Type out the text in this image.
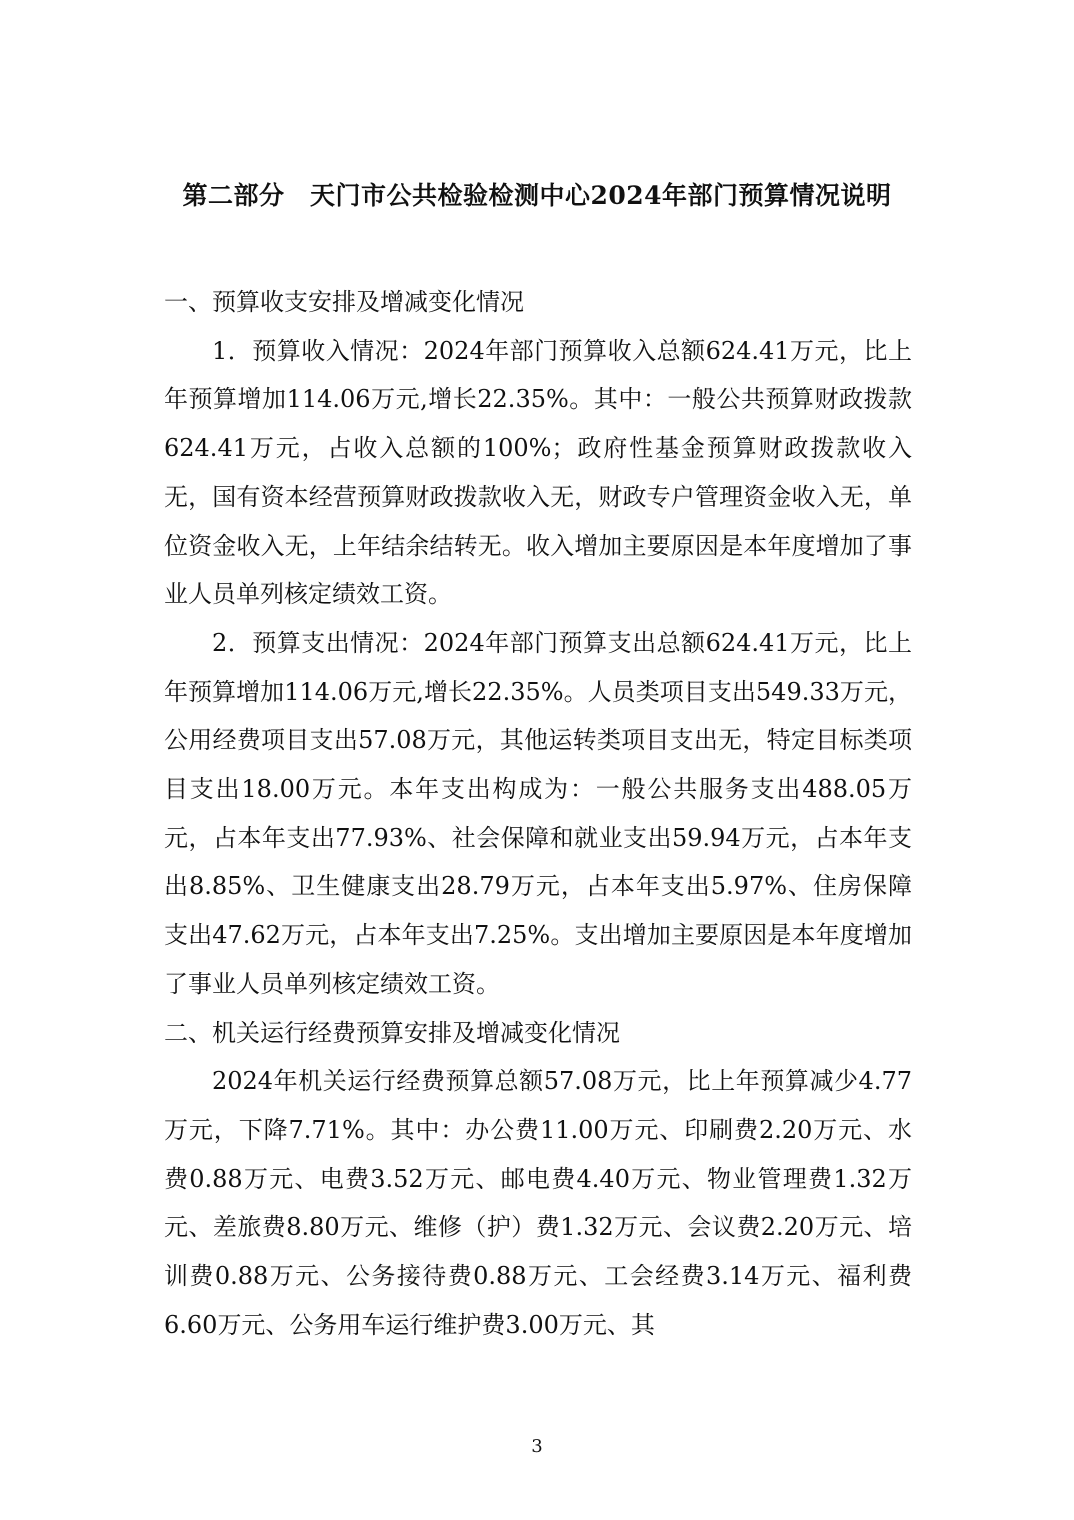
第二部分　天门市公共检验检测中心2024年部门预算情况说明

一、预算收支安排及增减变化情况

1．预算收入情况：2024年部门预算收入总额624.41万元，比上年预算增加114.06万元,增长22.35%。其中：一般公共预算财政拨款624.41万元，占收入总额的100%；政府性基金预算财政拨款收入无，国有资本经营预算财政拨款收入无，财政专户管理资金收入无，单位资金收入无，上年结余结转无。收入增加主要原因是本年度增加了事业人员单列核定绩效工资。

2．预算支出情况：2024年部门预算支出总额624.41万元，比上年预算增加114.06万元,增长22.35%。人员类项目支出549.33万元，公用经费项目支出57.08万元，其他运转类项目支出无，特定目标类项目支出18.00万元。本年支出构成为：一般公共服务支出488.05万元，占本年支出77.93%、社会保障和就业支出59.94万元，占本年支出8.85%、卫生健康支出28.79万元，占本年支出5.97%、住房保障支出47.62万元，占本年支出7.25%。支出增加主要原因是本年度增加了事业人员单列核定绩效工资。

二、机关运行经费预算安排及增减变化情况

2024年机关运行经费预算总额57.08万元，比上年预算减少4.77万元，下降7.71%。其中：办公费11.00万元、印刷费2.20万元、水费0.88万元、电费3.52万元、邮电费4.40万元、物业管理费1.32万元、差旅费8.80万元、维修（护）费1.32万元、会议费2.20万元、培训费0.88万元、公务接待费0.88万元、工会经费3.14万元、福利费6.60万元、公务用车运行维护费3.00万元、其

3
